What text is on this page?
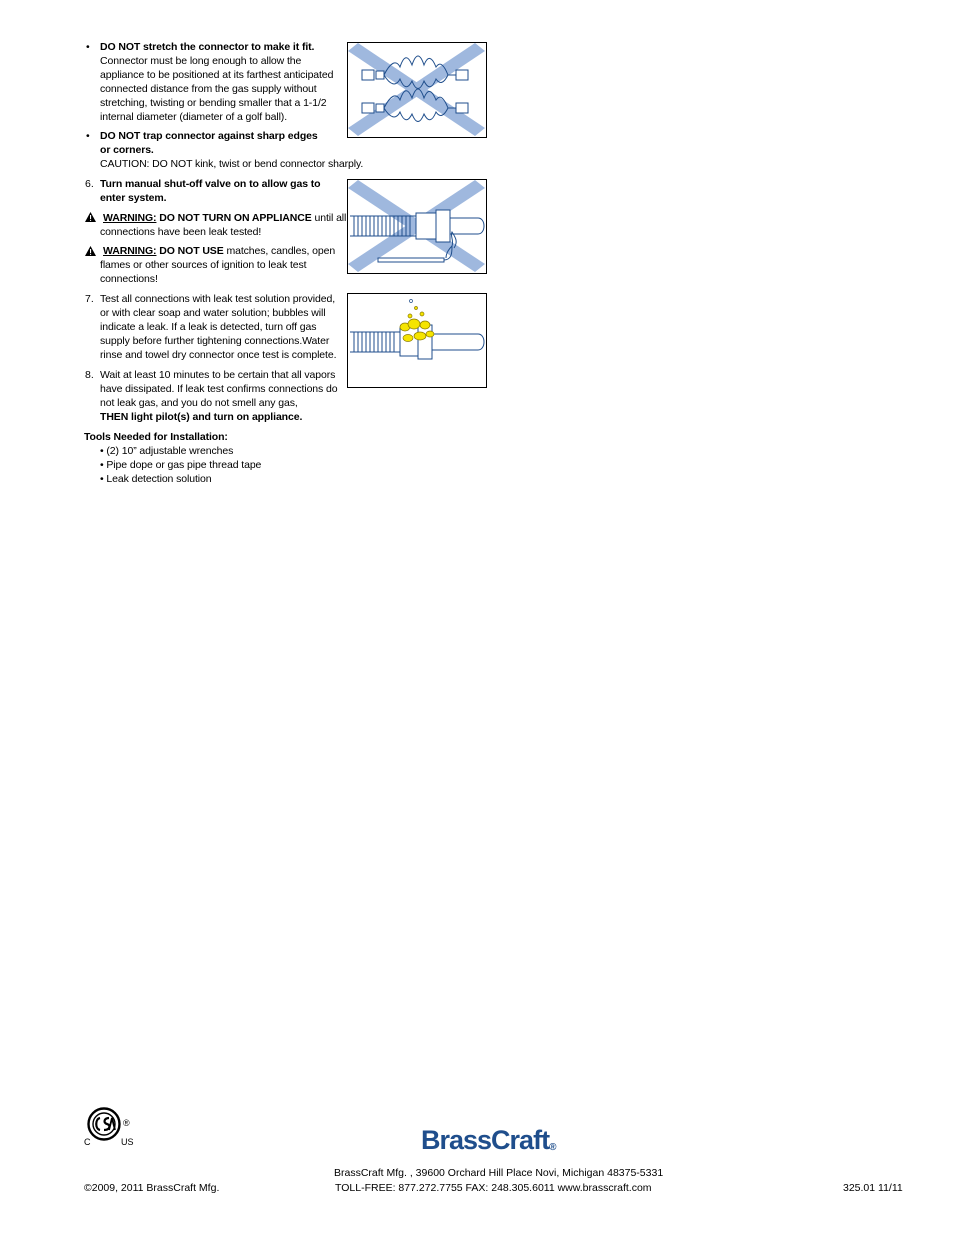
• DO NOT stretch the connector to make it fit.
Connector must be long enough to allow the
appliance to be positioned at its farthest anticipated
connected distance from the gas supply without
stretching, twisting or bending smaller that a 1-1/2
internal diameter (diameter of a golf ball).
• DO NOT trap connector against sharp edges
or corners.
CAUTION: DO NOT kink, twist or bend connector sharply.
6. Turn manual shut-off valve on to allow gas to
enter system.
WARNING: DO NOT TURN ON APPLIANCE until all
connections have been leak tested!
WARNING: DO NOT USE matches, candles, open
flames or other sources of ignition to leak test
connections!
7. Test all connections with leak test solution provided,
or with clear soap and water solution; bubbles will
indicate a leak. If a leak is detected, turn off gas
supply before further tightening connections.Water
rinse and towel dry connector once test is complete.
8. Wait at least 10 minutes to be certain that all vapors
have dissipated. If leak test confirms connections do
not leak gas, and you do not smell any gas,
THEN light pilot(s) and turn on appliance.
Tools Needed for Installation:
• (2) 10” adjustable wrenches
• Pipe dope or gas pipe thread tape
• Leak detection solution
®
C	US	BrassCraft®
BrassCraft Mfg. , 39600 Orchard Hill Place Novi, Michigan 48375-5331
TOLL-FREE: 877.272.7755 FAX: 248.305.6011 www.brasscraft.com
©2009, 2011 BrassCraft Mfg.	325.01 11/11
